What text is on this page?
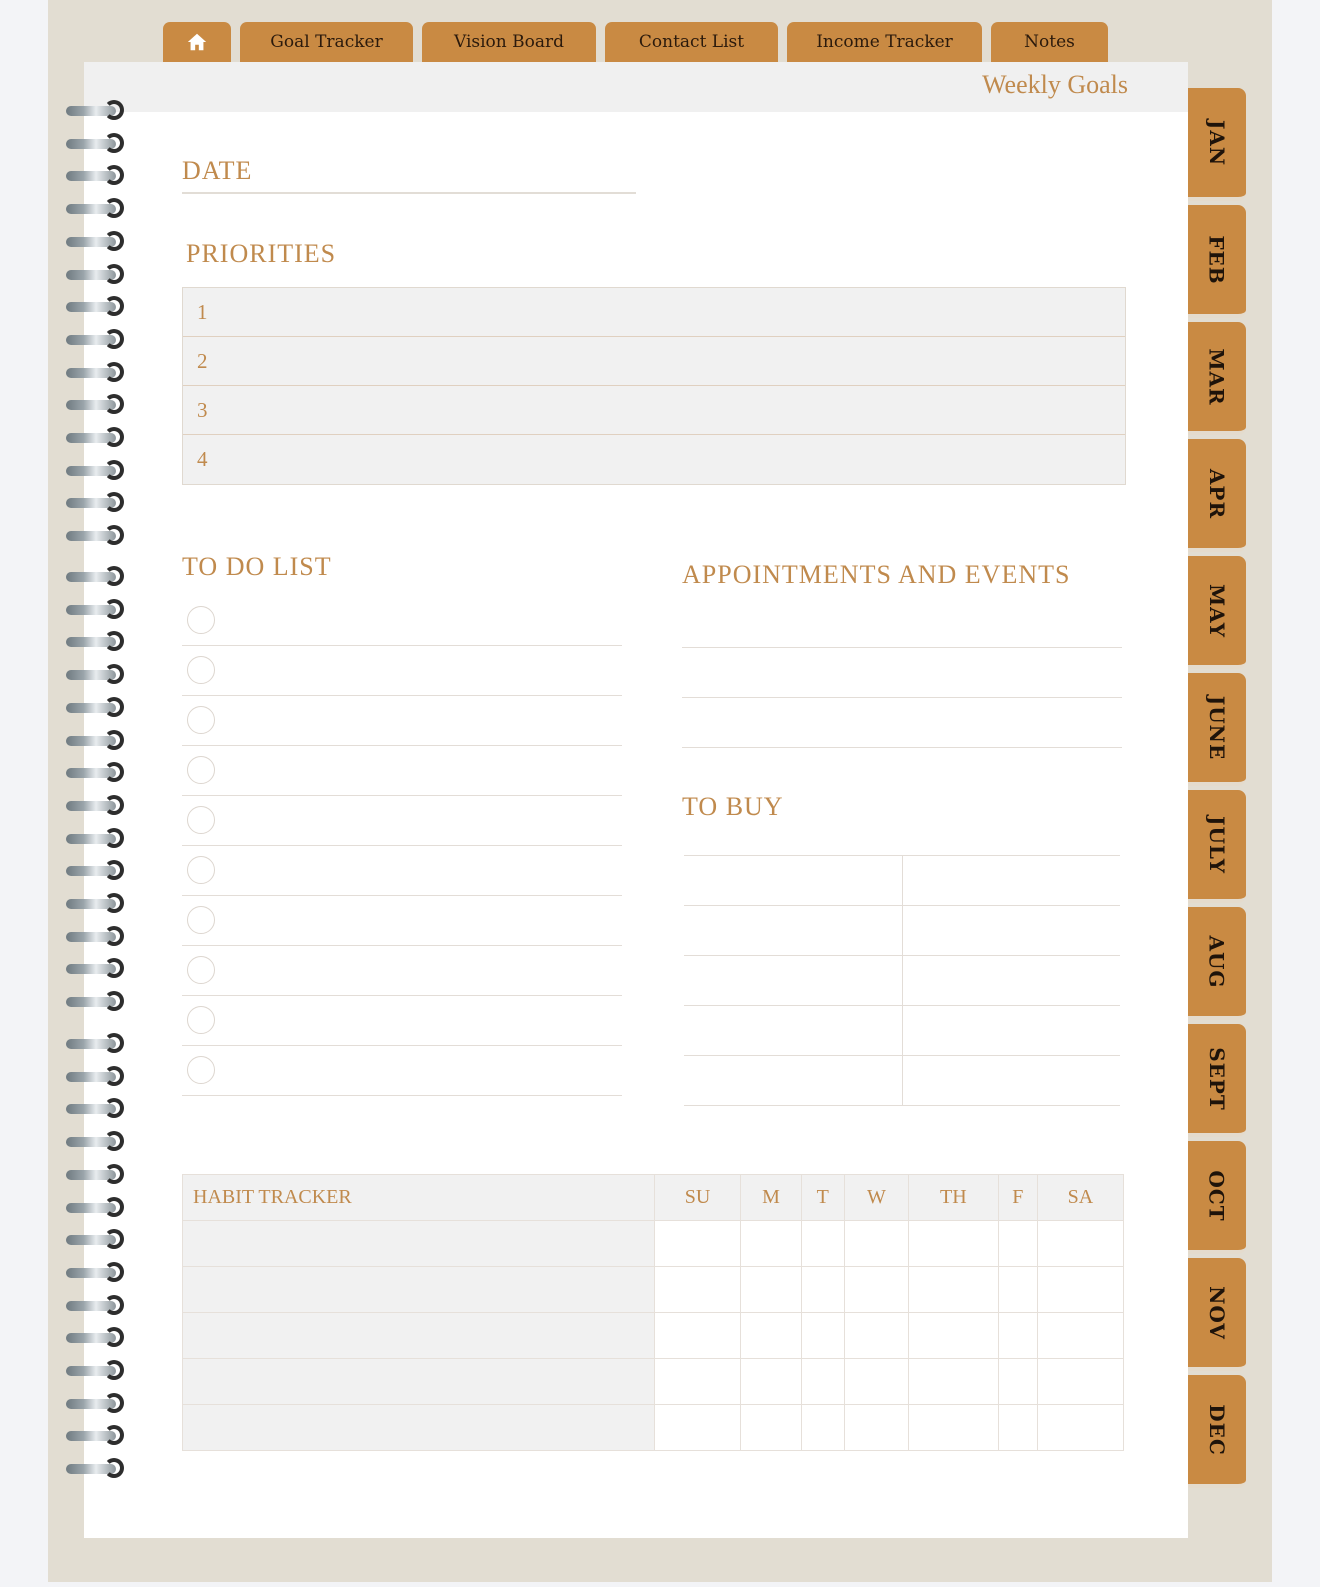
Goal Tracker	Vision Board	Contact List	Income Tracker	Notes
Weekly Goals
DATE
PRIORITIES
1
2
3
4
TO DO LIST	APPOINTMENTS AND EVENTS
TO BUY
HABIT TRACKER	SU	M	T	W	TH	F	SA

JAN
FEB
MAR
APR
MAY
JUNE
JULY
AUG
SEPT
OCT
NOV
DEC
